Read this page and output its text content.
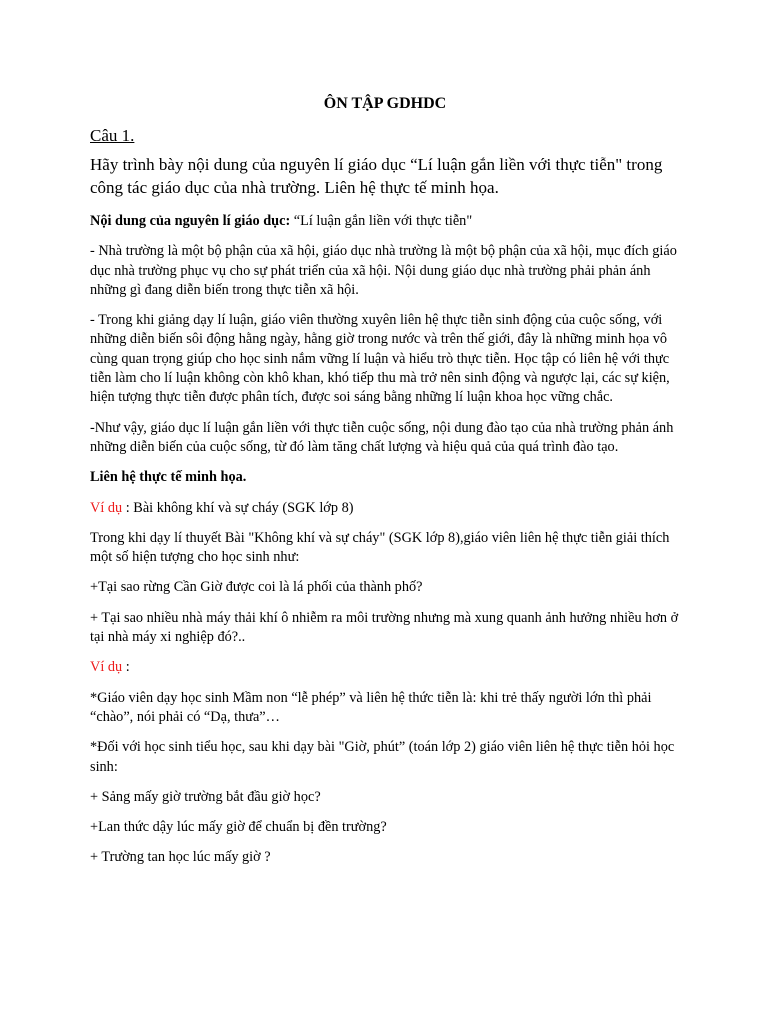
ÔN TẬP GDHDC
Câu 1.
Hãy trình bày nội dung của nguyên lí giáo dục “Lí luận gắn liền với thực tiễn" trong công tác giáo dục của nhà trường. Liên hệ thực tế minh họa.

Nội dung của nguyên lí giáo dục: “Lí luận gắn liền với thực tiễn"

- Nhà trường là một bộ phận của xã hội, giáo dục nhà trường là một bộ phận của xã hội, mục đích giáo dục nhà trường phục vụ cho sự phát triển của xã hội. Nội dung giáo dục nhà trường phải phản ánh những gì đang diễn biến trong thực tiễn xã hội.

- Trong khi giảng dạy lí luận, giáo viên thường xuyên liên hệ thực tiễn sinh động của cuộc sống, với những diễn biến sôi động hằng ngày, hằng giờ trong nước và trên thế giới, đây là những minh họa vô cùng quan trọng giúp cho học sinh nắm vững lí luận và hiểu trò thực tiễn. Học tập có liên hệ với thực tiễn làm cho lí luận không còn khô khan, khó tiếp thu mà trở nên sinh động và ngược lại, các sự kiện, hiện tượng thực tiễn được phân tích, được soi sáng bằng những lí luận khoa học vững chắc.

-Như vậy, giáo dục lí luận gắn liền với thực tiễn cuộc sống, nội dung đào tạo của nhà trường phản ánh những diễn biến của cuộc sống, từ đó làm tăng chất lượng và hiệu quả của quá trình đào tạo.

Liên hệ thực tế minh họa.

Ví dụ : Bài không khí và sự cháy (SGK lớp 8)

Trong khi dạy lí thuyết Bài "Không khí và sự cháy" (SGK lớp 8),giáo viên liên hệ thực tiễn giải thích một số hiện tượng cho học sinh như:

+Tại sao rừng Cần Giờ được coi là lá phối của thành phố?

+ Tại sao nhiều nhà máy thải khí ô nhiễm ra môi trường nhưng mà xung quanh ảnh hưởng nhiều hơn ở tại nhà máy xi nghiệp đó?..

Ví dụ :

*Giáo viên dạy học sinh Mầm non “lễ phép” và liên hệ thức tiễn là: khi trẻ thấy người lớn thì phải “chào”, nói phải có “Dạ, thưa”…

*Đối với học sinh tiểu học, sau khi dạy bài "Giờ, phút” (toán lớp 2) giáo viên liên hệ thực tiễn hỏi học sinh:

+ Sảng mấy giờ trường bắt đầu giờ học?

+Lan thức dậy lúc mấy giờ để chuẩn bị đền trường?

+ Trường tan học lúc mấy giờ ?
